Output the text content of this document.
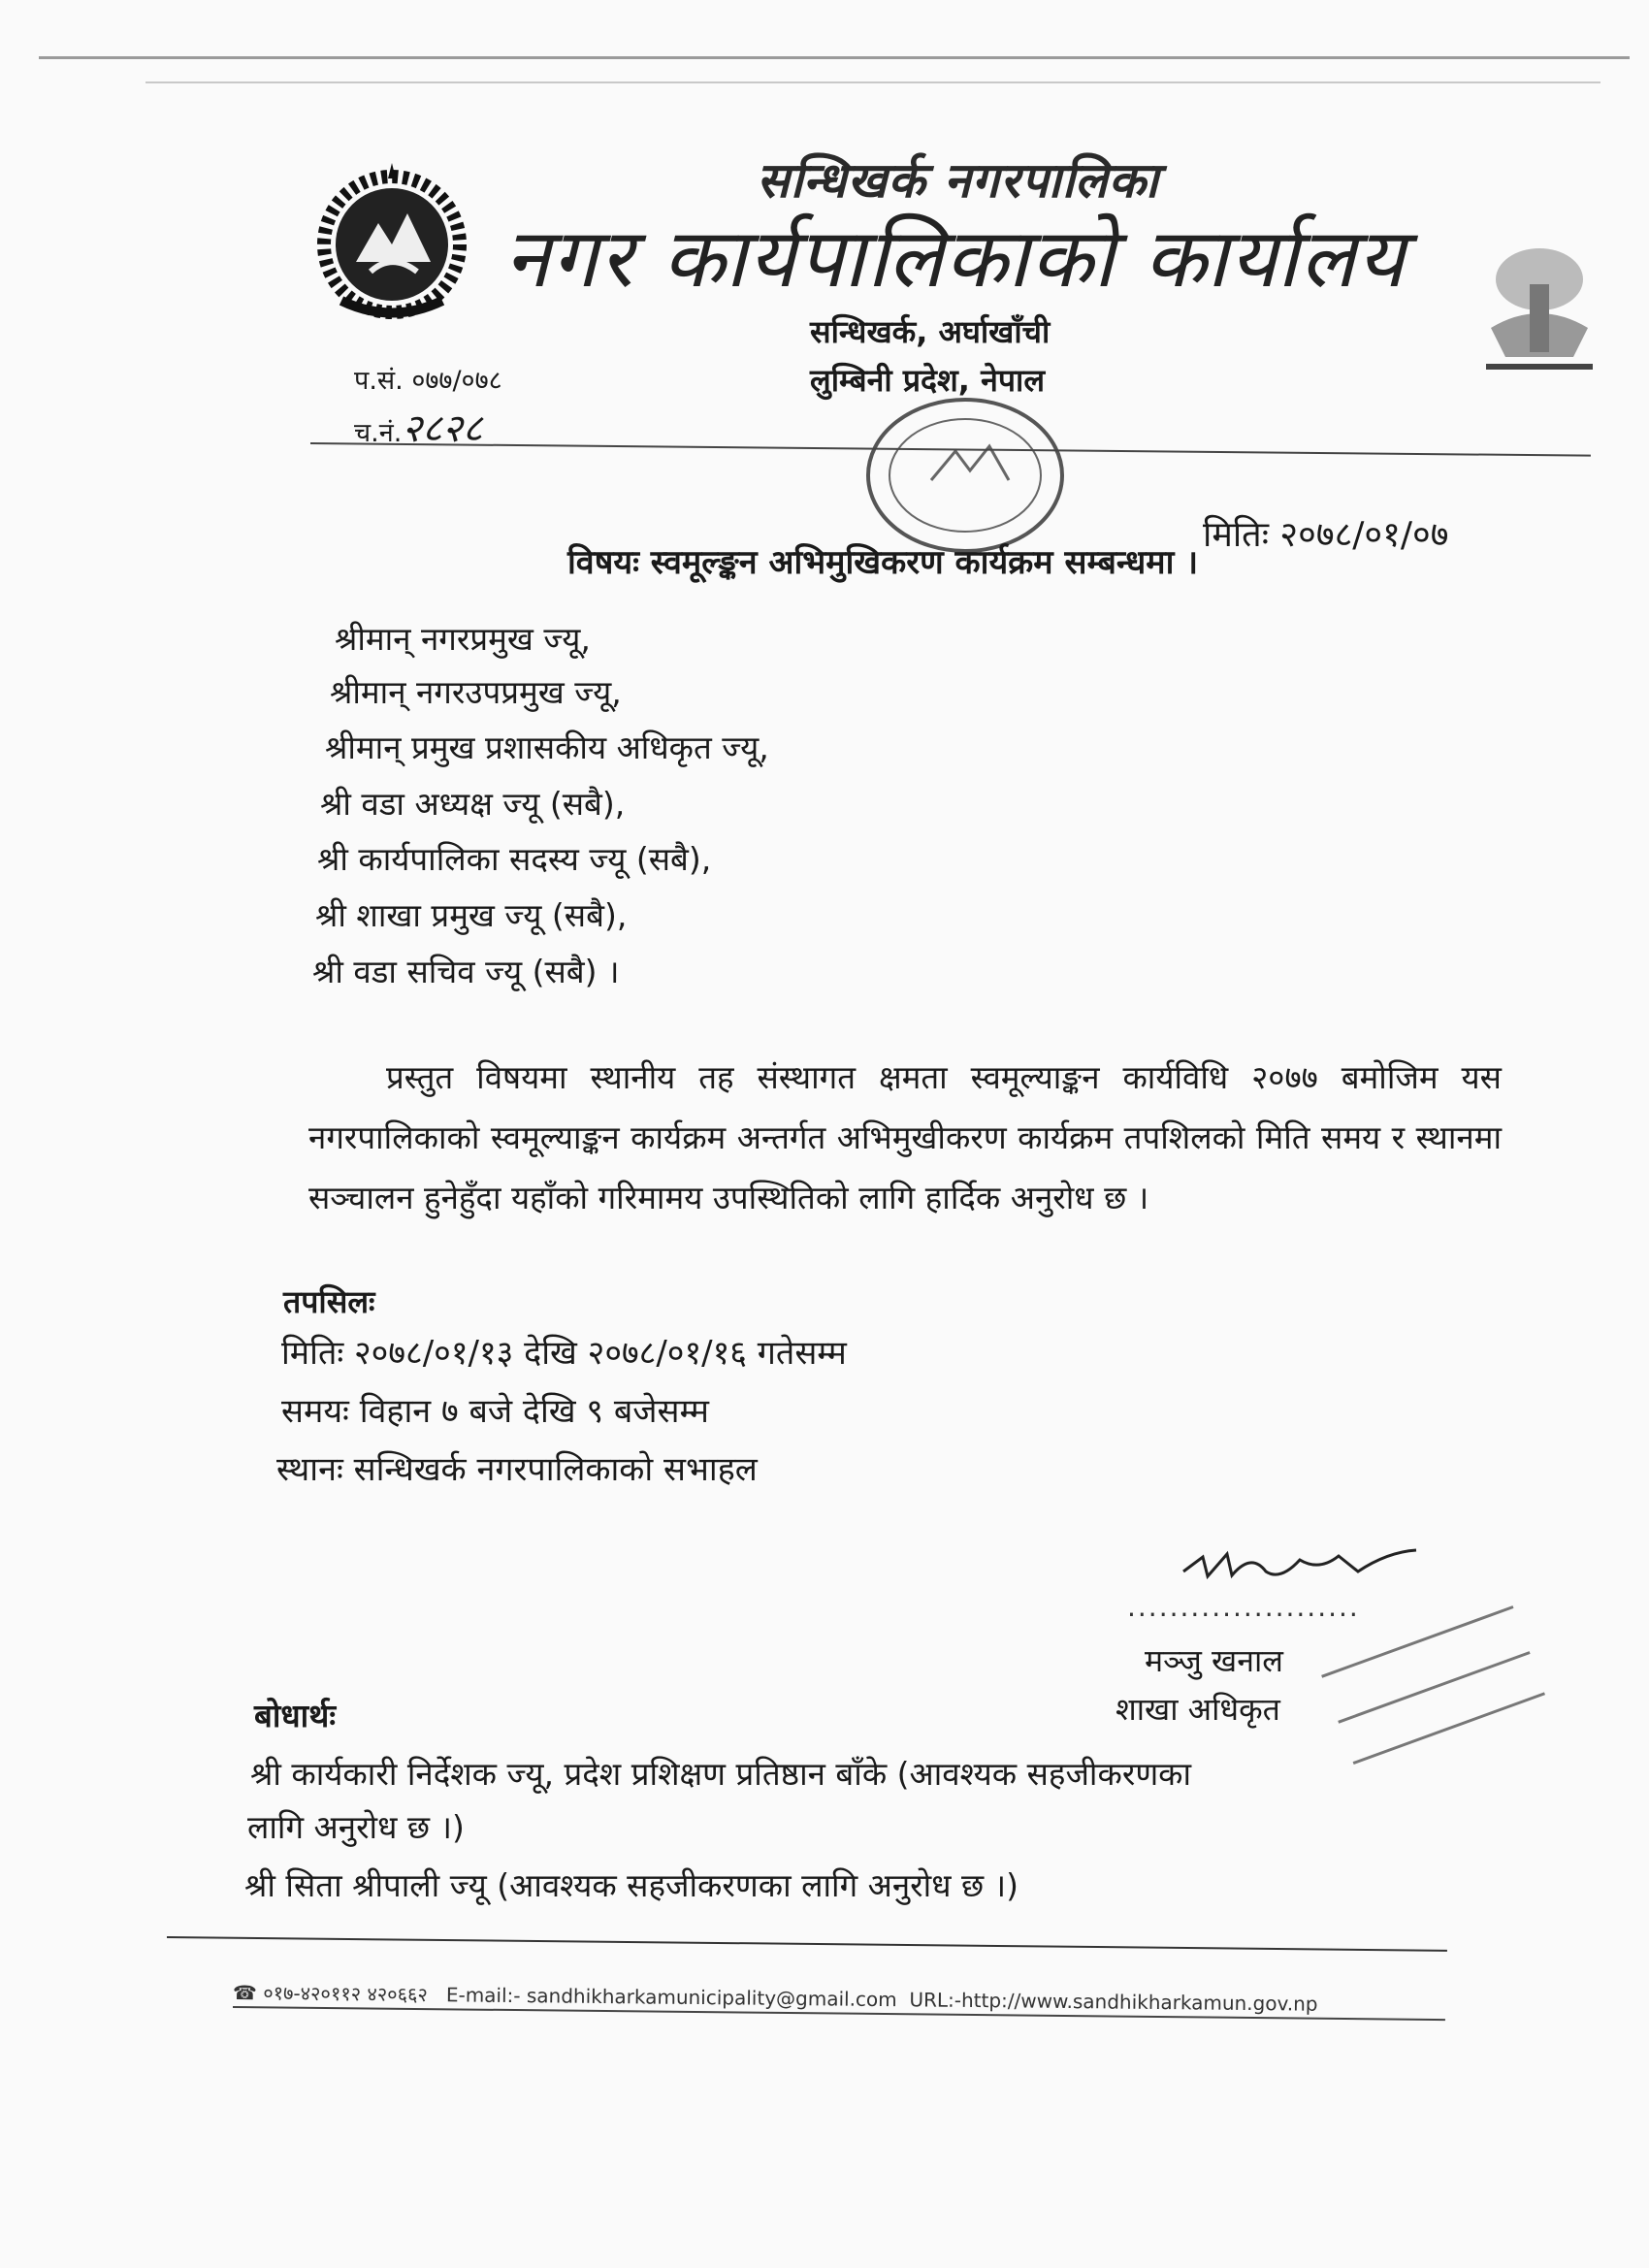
सन्धिखर्क नगरपालिका
नगर कार्यपालिकाको कार्यालय
सन्धिखर्क, अर्घाखाँची
लुम्बिनी प्रदेश, नेपाल
प.सं. ०७७/०७८
च.नं.२८२८
मितिः २०७८/०१/०७
विषयः स्वमूल्ङ्कन अभिमुखिकरण कार्यक्रम सम्बन्धमा ।
श्रीमान् नगरप्रमुख ज्यू,
श्रीमान् नगरउपप्रमुख ज्यू,
श्रीमान् प्रमुख प्रशासकीय अधिकृत ज्यू,
श्री वडा अध्यक्ष ज्यू (सबै),
श्री कार्यपालिका सदस्य ज्यू (सबै),
श्री शाखा प्रमुख ज्यू (सबै),
श्री वडा सचिव ज्यू (सबै) ।
प्रस्तुत विषयमा स्थानीय तह संस्थागत क्षमता स्वमूल्याङ्कन कार्यविधि २०७७ बमोजिम यस नगरपालिकाको स्वमूल्याङ्कन कार्यक्रम अन्तर्गत अभिमुखीकरण कार्यक्रम तपशिलको मिति समय र स्थानमा सञ्चालन हुनेहुँदा यहाँको गरिमामय उपस्थितिको लागि हार्दिक अनुरोध छ ।
तपसिलः
मितिः २०७८/०१/१३ देखि २०७८/०१/१६ गतेसम्म
समयः विहान ७ बजे देखि ९ बजेसम्म
स्थानः सन्धिखर्क नगरपालिकाको सभाहल
......................
मञ्जु खनाल
शाखा अधिकृत
बोधार्थः
श्री कार्यकारी निर्देशक ज्यू, प्रदेश प्रशिक्षण प्रतिष्ठान बाँके (आवश्यक सहजीकरणका
लागि अनुरोध छ ।)
श्री सिता श्रीपाली ज्यू (आवश्यक सहजीकरणका लागि अनुरोध छ ।)
☎ ०१७-४२०११२ ४२०६६२ E-mail:- sandhikharkamunicipality@gmail.com URL:-http://www.sandhikharkamun.gov.np
